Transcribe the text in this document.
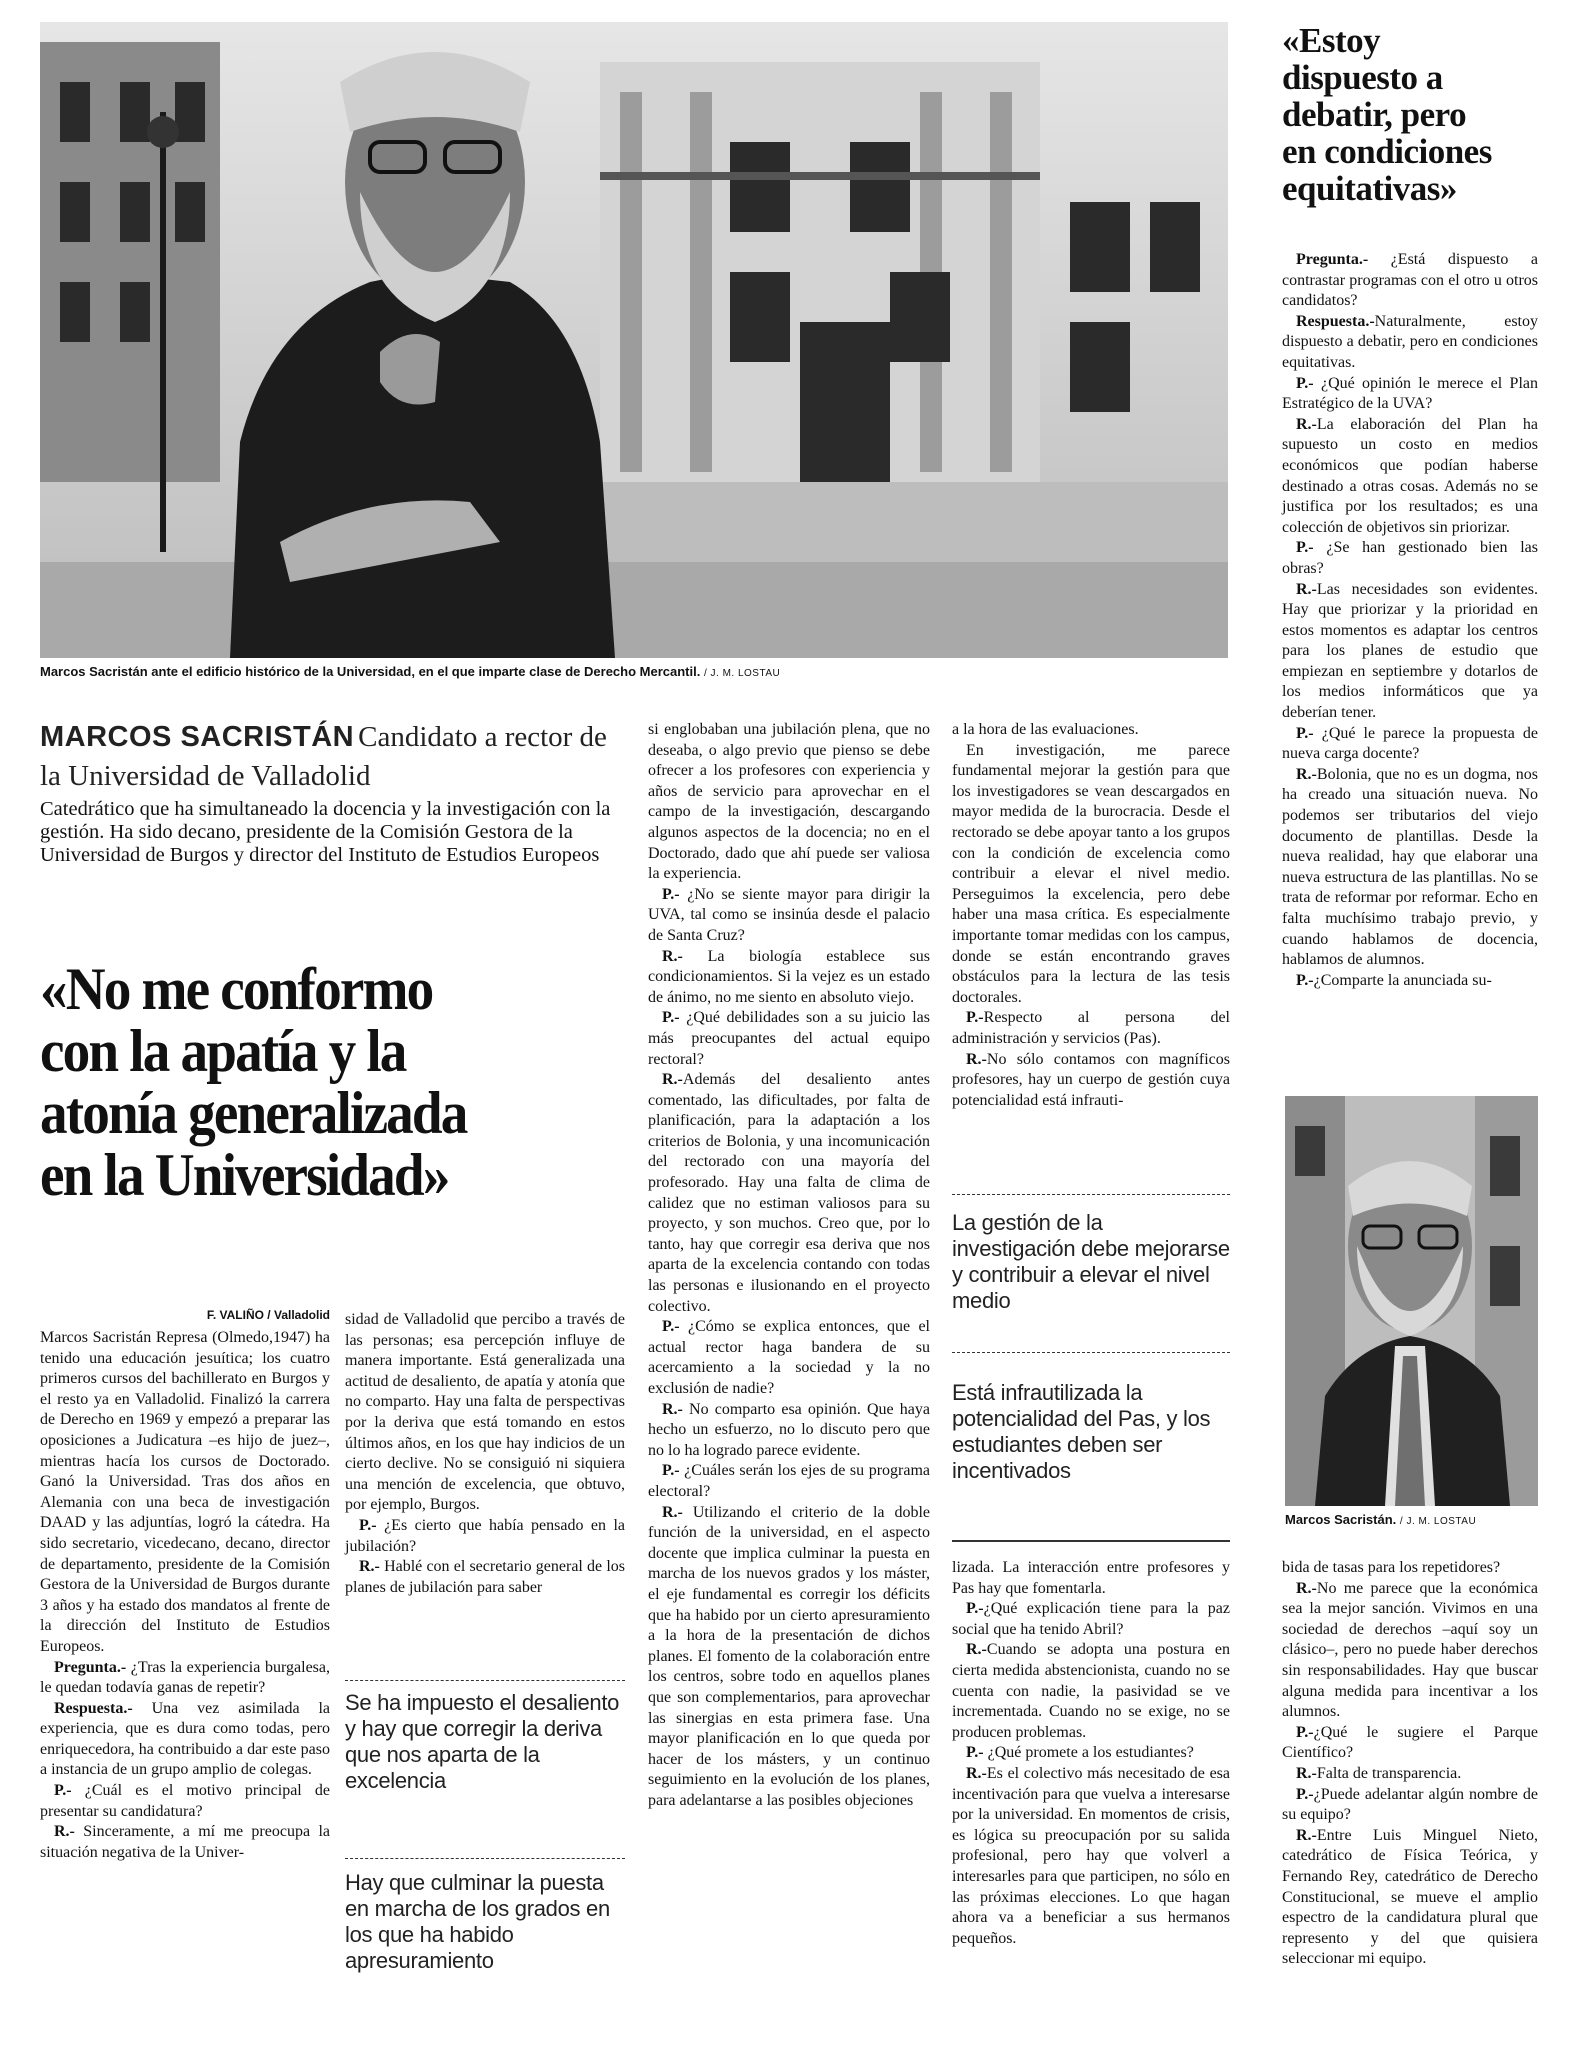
Marcos Sacristán ante el edificio histórico de la Universidad, en el que imparte clase de Derecho Mercantil. / J. M. LOSTAU
«Estoy
dispuesto a
debatir, pero
en condiciones
equitativas»
MARCOS SACRISTÁN Candidato a rector de la Universidad de Valladolid
Catedrático que ha simultaneado la docencia y la investigación con la gestión. Ha sido decano, presidente de la Comisión Gestora de la Universidad de Burgos y director del Instituto de Estudios Europeos
«No me conformo
con la apatía y la
atonía generalizada
en la Universidad»
F. VALIÑO / Valladolid

Marcos Sacristán Represa (Olmedo,1947) ha tenido una educación jesuítica; los cuatro primeros cursos del bachillerato en Burgos y el resto ya en Valladolid. Finalizó la carrera de Derecho en 1969 y empezó a preparar las oposiciones a Judicatura –es hijo de juez–, mientras hacía los cursos de Doctorado. Ganó la Universidad. Tras dos años en Alemania con una beca de investigación DAAD y las adjuntías, logró la cátedra. Ha sido secretario, vicedecano, decano, director de departamento, presidente de la Comisión Gestora de la Universidad de Burgos durante 3 años y ha estado dos mandatos al frente de la dirección del Instituto de Estudios Europeos.

Pregunta.- ¿Tras la experiencia burgalesa, le quedan todavía ganas de repetir?

Respuesta.- Una vez asimilada la experiencia, que es dura como todas, pero enriquecedora, ha contribuido a dar este paso a instancia de un grupo amplio de colegas.

P.- ¿Cuál es el motivo principal de presentar su candidatura?

R.- Sinceramente, a mí me preocupa la situación negativa de la Univer-

sidad de Valladolid que percibo a través de las personas; esa percepción influye de manera importante. Está generalizada una actitud de desaliento, de apatía y atonía que no comparto. Hay una falta de perspectivas por la deriva que está tomando en estos últimos años, en los que hay indicios de un cierto declive. No se consiguió ni siquiera una mención de excelencia, que obtuvo, por ejemplo, Burgos.

P.- ¿Es cierto que había pensado en la jubilación?

R.- Hablé con el secretario general de los planes de jubilación para saber

Se ha impuesto el desaliento y hay que corregir la deriva que nos aparta de la excelencia
Hay que culminar la puesta en marcha de los grados en los que ha habido apresuramiento

si englobaban una jubilación plena, que no deseaba, o algo previo que pienso se debe ofrecer a los profesores con experiencia y años de servicio para aprovechar en el campo de la investigación, descargando algunos aspectos de la docencia; no en el Doctorado, dado que ahí puede ser valiosa la experiencia.

P.- ¿No se siente mayor para dirigir la UVA, tal como se insinúa desde el palacio de Santa Cruz?

R.- La biología establece sus condicionamientos. Si la vejez es un estado de ánimo, no me siento en absoluto viejo.

P.- ¿Qué debilidades son a su juicio las más preocupantes del actual equipo rectoral?

R.-Además del desaliento antes comentado, las dificultades, por falta de planificación, para la adaptación a los criterios de Bolonia, y una incomunicación del rectorado con una mayoría del profesorado. Hay una falta de clima de calidez que no estiman valiosos para su proyecto, y son muchos. Creo que, por lo tanto, hay que corregir esa deriva que nos aparta de la excelencia contando con todas las personas e ilusionando en el proyecto colectivo.

P.- ¿Cómo se explica entonces, que el actual rector haga bandera de su acercamiento a la sociedad y la no exclusión de nadie?

R.- No comparto esa opinión. Que haya hecho un esfuerzo, no lo discuto pero que no lo ha logrado parece evidente.

P.- ¿Cuáles serán los ejes de su programa electoral?

R.- Utilizando el criterio de la doble función de la universidad, en el aspecto docente que implica culminar la puesta en marcha de los nuevos grados y los máster, el eje fundamental es corregir los déficits que ha habido por un cierto apresuramiento a la hora de la presentación de dichos planes. El fomento de la colaboración entre los centros, sobre todo en aquellos planes que son complementarios, para aprovechar las sinergias en esta primera fase. Una mayor planificación en lo que queda por hacer de los másters, y un continuo seguimiento en la evolución de los planes, para adelantarse a las posibles objeciones

a la hora de las evaluaciones.

En investigación, me parece fundamental mejorar la gestión para que los investigadores se vean descargados en mayor medida de la burocracia. Desde el rectorado se debe apoyar tanto a los grupos con la condición de excelencia como contribuir a elevar el nivel medio. Perseguimos la excelencia, pero debe haber una masa crítica. Es especialmente importante tomar medidas con los campus, donde se están encontrando graves obstáculos para la lectura de las tesis doctorales.

P.-Respecto al persona del administración y servicios (Pas).

R.-No sólo contamos con magníficos profesores, hay un cuerpo de gestión cuya potencialidad está infrauti-

La gestión de la investigación debe mejorarse y contribuir a elevar el nivel medio
Está infrautilizada la potencialidad del Pas, y los estudiantes deben ser incentivados

lizada. La interacción entre profesores y Pas hay que fomentarla.

P.-¿Qué explicación tiene para la paz social que ha tenido Abril?

R.-Cuando se adopta una postura en cierta medida abstencionista, cuando no se cuenta con nadie, la pasividad se ve incrementada. Cuando no se exige, no se producen problemas.

P.- ¿Qué promete a los estudiantes?

R.-Es el colectivo más necesitado de esa incentivación para que vuelva a interesarse por la universidad. En momentos de crisis, es lógica su preocupación por su salida profesional, pero hay que volverl a interesarles para que participen, no sólo en las próximas elecciones. Lo que hagan ahora va a beneficiar a sus hermanos pequeños.

Pregunta.- ¿Está dispuesto a contrastar programas con el otro u otros candidatos?

Respuesta.-Naturalmente, estoy dispuesto a debatir, pero en condiciones equitativas.

P.- ¿Qué opinión le merece el Plan Estratégico de la UVA?

R.-La elaboración del Plan ha supuesto un costo en medios económicos que podían haberse destinado a otras cosas. Además no se justifica por los resultados; es una colección de objetivos sin priorizar.

P.- ¿Se han gestionado bien las obras?

R.-Las necesidades son evidentes. Hay que priorizar y la prioridad en estos momentos es adaptar los centros para los planes de estudio que empiezan en septiembre y dotarlos de los medios informáticos que ya deberían tener.

P.- ¿Qué le parece la propuesta de nueva carga docente?

R.-Bolonia, que no es un dogma, nos ha creado una situación nueva. No podemos ser tributarios del viejo documento de plantillas. Desde la nueva realidad, hay que elaborar una nueva estructura de las plantillas. No se trata de reformar por reformar. Echo en falta muchísimo trabajo previo, y cuando hablamos de docencia, hablamos de alumnos.

P.-¿Comparte la anunciada su-

Marcos Sacristán. / J. M. LOSTAU

bida de tasas para los repetidores?

R.-No me parece que la económica sea la mejor sanción. Vivimos en una sociedad de derechos –aquí soy un clásico–, pero no puede haber derechos sin responsabilidades. Hay que buscar alguna medida para incentivar a los alumnos.

P.-¿Qué le sugiere el Parque Científico?

R.-Falta de transparencia.

P.-¿Puede adelantar algún nombre de su equipo?

R.-Entre Luis Minguel Nieto, catedrático de Física Teórica, y Fernando Rey, catedrático de Derecho Constitucional, se mueve el amplio espectro de la candidatura plural que represento y del que quisiera seleccionar mi equipo.
